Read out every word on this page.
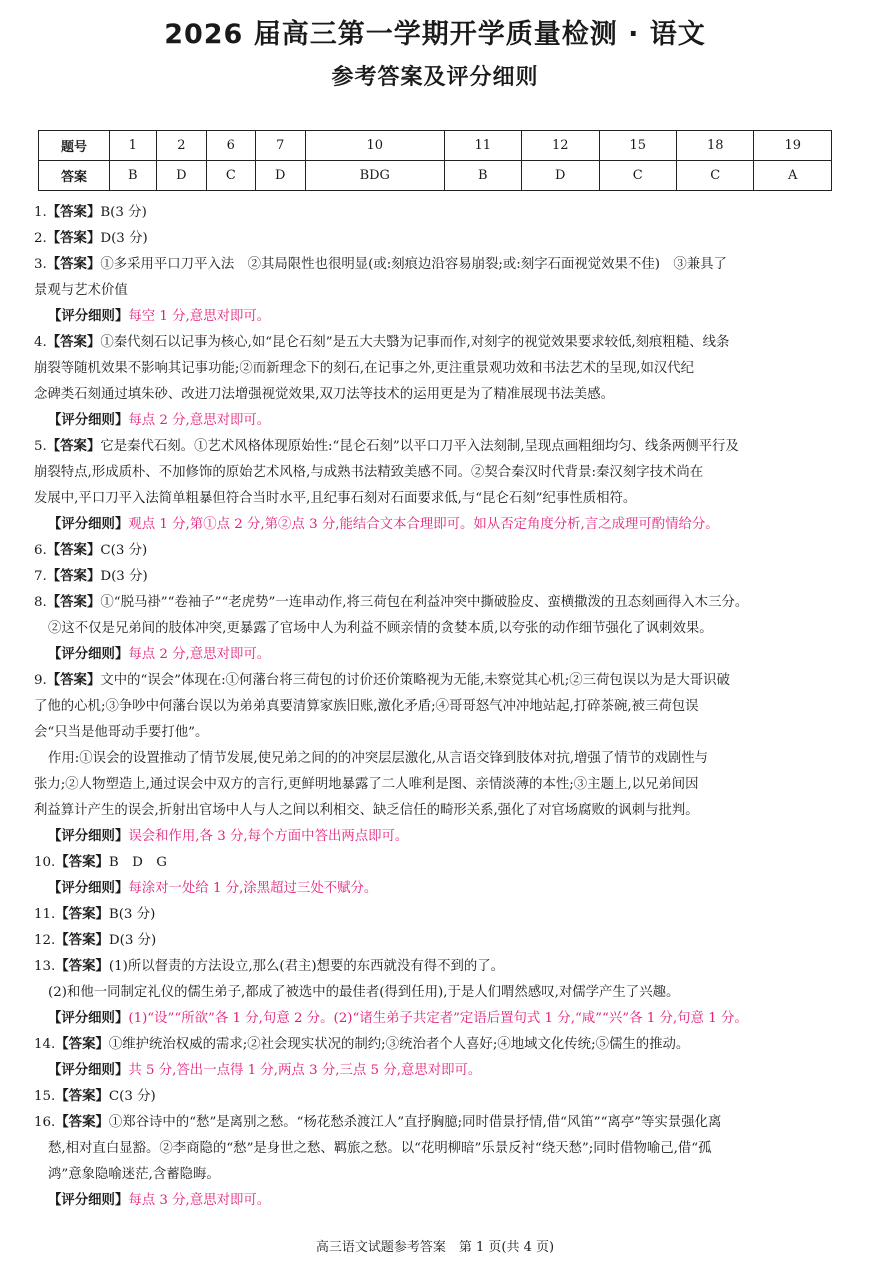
2026 届高三第一学期开学质量检测 · 语文
参考答案及评分细则
题号	1	2	6	7	10	11	12	15	18	19
答案	B	D	C	D	BDG	B	D	C	C	A
1.【答案】B(3 分)
2.【答案】D(3 分)
3.【答案】①多采用平口刀平入法　②其局限性也很明显(或:刻痕边沿容易崩裂;或:刻字石面视觉效果不佳)　③兼具了
景观与艺术价值
【评分细则】每空 1 分,意思对即可。
4.【答案】①秦代刻石以记事为核心,如“昆仑石刻”是五大夫翳为记事而作,对刻字的视觉效果要求较低,刻痕粗糙、线条
崩裂等随机效果不影响其记事功能;②而新理念下的刻石,在记事之外,更注重景观功效和书法艺术的呈现,如汉代纪
念碑类石刻通过填朱砂、改进刀法增强视觉效果,双刀法等技术的运用更是为了精准展现书法美感。
【评分细则】每点 2 分,意思对即可。
5.【答案】它是秦代石刻。①艺术风格体现原始性:“昆仑石刻”以平口刀平入法刻制,呈现点画粗细均匀、线条两侧平行及
崩裂特点,形成质朴、不加修饰的原始艺术风格,与成熟书法精致美感不同。②契合秦汉时代背景:秦汉刻字技术尚在
发展中,平口刀平入法简单粗暴但符合当时水平,且纪事石刻对石面要求低,与“昆仑石刻”纪事性质相符。
【评分细则】观点 1 分,第①点 2 分,第②点 3 分,能结合文本合理即可。如从否定角度分析,言之成理可酌情给分。
6.【答案】C(3 分)
7.【答案】D(3 分)
8.【答案】①“脱马褂”“卷袖子”“老虎势”一连串动作,将三荷包在利益冲突中撕破脸皮、蛮横撒泼的丑态刻画得入木三分。
②这不仅是兄弟间的肢体冲突,更暴露了官场中人为利益不顾亲情的贪婪本质,以夸张的动作细节强化了讽刺效果。
【评分细则】每点 2 分,意思对即可。
9.【答案】文中的“误会”体现在:①何藩台将三荷包的讨价还价策略视为无能,未察觉其心机;②三荷包误以为是大哥识破
了他的心机;③争吵中何藩台误以为弟弟真要清算家族旧账,激化矛盾;④哥哥怒气冲冲地站起,打碎茶碗,被三荷包误
会“只当是他哥动手要打他”。
作用:①误会的设置推动了情节发展,使兄弟之间的的冲突层层激化,从言语交锋到肢体对抗,增强了情节的戏剧性与
张力;②人物塑造上,通过误会中双方的言行,更鲜明地暴露了二人唯利是图、亲情淡薄的本性;③主题上,以兄弟间因
利益算计产生的误会,折射出官场中人与人之间以利相交、缺乏信任的畸形关系,强化了对官场腐败的讽刺与批判。
【评分细则】误会和作用,各 3 分,每个方面中答出两点即可。
10.【答案】B　D　G
【评分细则】每涂对一处给 1 分,涂黑超过三处不赋分。
11.【答案】B(3 分)
12.【答案】D(3 分)
13.【答案】(1)所以督责的方法设立,那么(君主)想要的东西就没有得不到的了。
(2)和他一同制定礼仪的儒生弟子,都成了被选中的最佳者(得到任用),于是人们喟然感叹,对儒学产生了兴趣。
【评分细则】(1)“设”“所欲”各 1 分,句意 2 分。(2)“诸生弟子共定者”定语后置句式 1 分,“咸”“兴”各 1 分,句意 1 分。
14.【答案】①维护统治权威的需求;②社会现实状况的制约;③统治者个人喜好;④地域文化传统;⑤儒生的推动。
【评分细则】共 5 分,答出一点得 1 分,两点 3 分,三点 5 分,意思对即可。
15.【答案】C(3 分)
16.【答案】①郑谷诗中的“愁”是离别之愁。“杨花愁杀渡江人”直抒胸臆;同时借景抒情,借“风笛”“离亭”等实景强化离
愁,相对直白显豁。②李商隐的“愁”是身世之愁、羁旅之愁。以“花明柳暗”乐景反衬“绕天愁”;同时借物喻己,借“孤
鸿”意象隐喻迷茫,含蓄隐晦。
【评分细则】每点 3 分,意思对即可。
高三语文试题参考答案　第 1 页(共 4 页)
